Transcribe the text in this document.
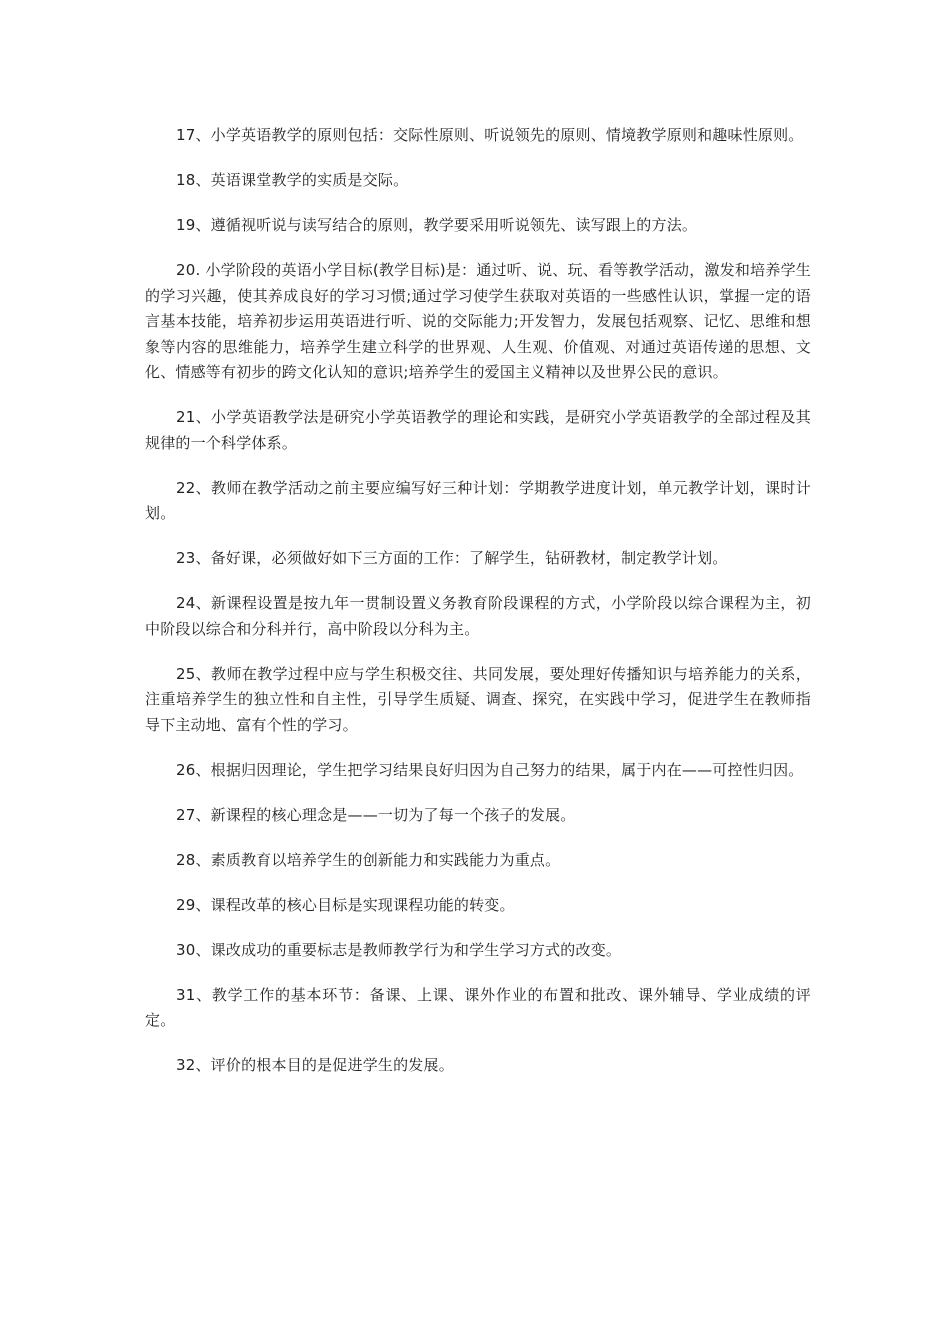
17、小学英语教学的原则包括：交际性原则、听说领先的原则、情境教学原则和趣味性原则。

18、英语课堂教学的实质是交际。

19、遵循视听说与读写结合的原则，教学要采用听说领先、读写跟上的方法。

20. 小学阶段的英语小学目标(教学目标)是：通过听、说、玩、看等教学活动，激发和培养学生的学习兴趣，使其养成良好的学习习惯;通过学习使学生获取对英语的一些感性认识，掌握一定的语言基本技能，培养初步运用英语进行听、说的交际能力;开发智力，发展包括观察、记忆、思维和想象等内容的思维能力，培养学生建立科学的世界观、人生观、价值观、对通过英语传递的思想、文化、情感等有初步的跨文化认知的意识;培养学生的爱国主义精神以及世界公民的意识。

21、小学英语教学法是研究小学英语教学的理论和实践，是研究小学英语教学的全部过程及其规律的一个科学体系。

22、教师在教学活动之前主要应编写好三种计划：学期教学进度计划，单元教学计划，课时计划。

23、备好课，必须做好如下三方面的工作：了解学生，钻研教材，制定教学计划。

24、新课程设置是按九年一贯制设置义务教育阶段课程的方式，小学阶段以综合课程为主，初中阶段以综合和分科并行，高中阶段以分科为主。

25、教师在教学过程中应与学生积极交往、共同发展，要处理好传播知识与培养能力的关系，注重培养学生的独立性和自主性，引导学生质疑、调查、探究，在实践中学习，促进学生在教师指导下主动地、富有个性的学习。

26、根据归因理论，学生把学习结果良好归因为自己努力的结果，属于内在——可控性归因。

27、新课程的核心理念是——一切为了每一个孩子的发展。

28、素质教育以培养学生的创新能力和实践能力为重点。

29、课程改革的核心目标是实现课程功能的转变。

30、课改成功的重要标志是教师教学行为和学生学习方式的改变。

31、教学工作的基本环节：备课、上课、课外作业的布置和批改、课外辅导、学业成绩的评定。

32、评价的根本目的是促进学生的发展。
